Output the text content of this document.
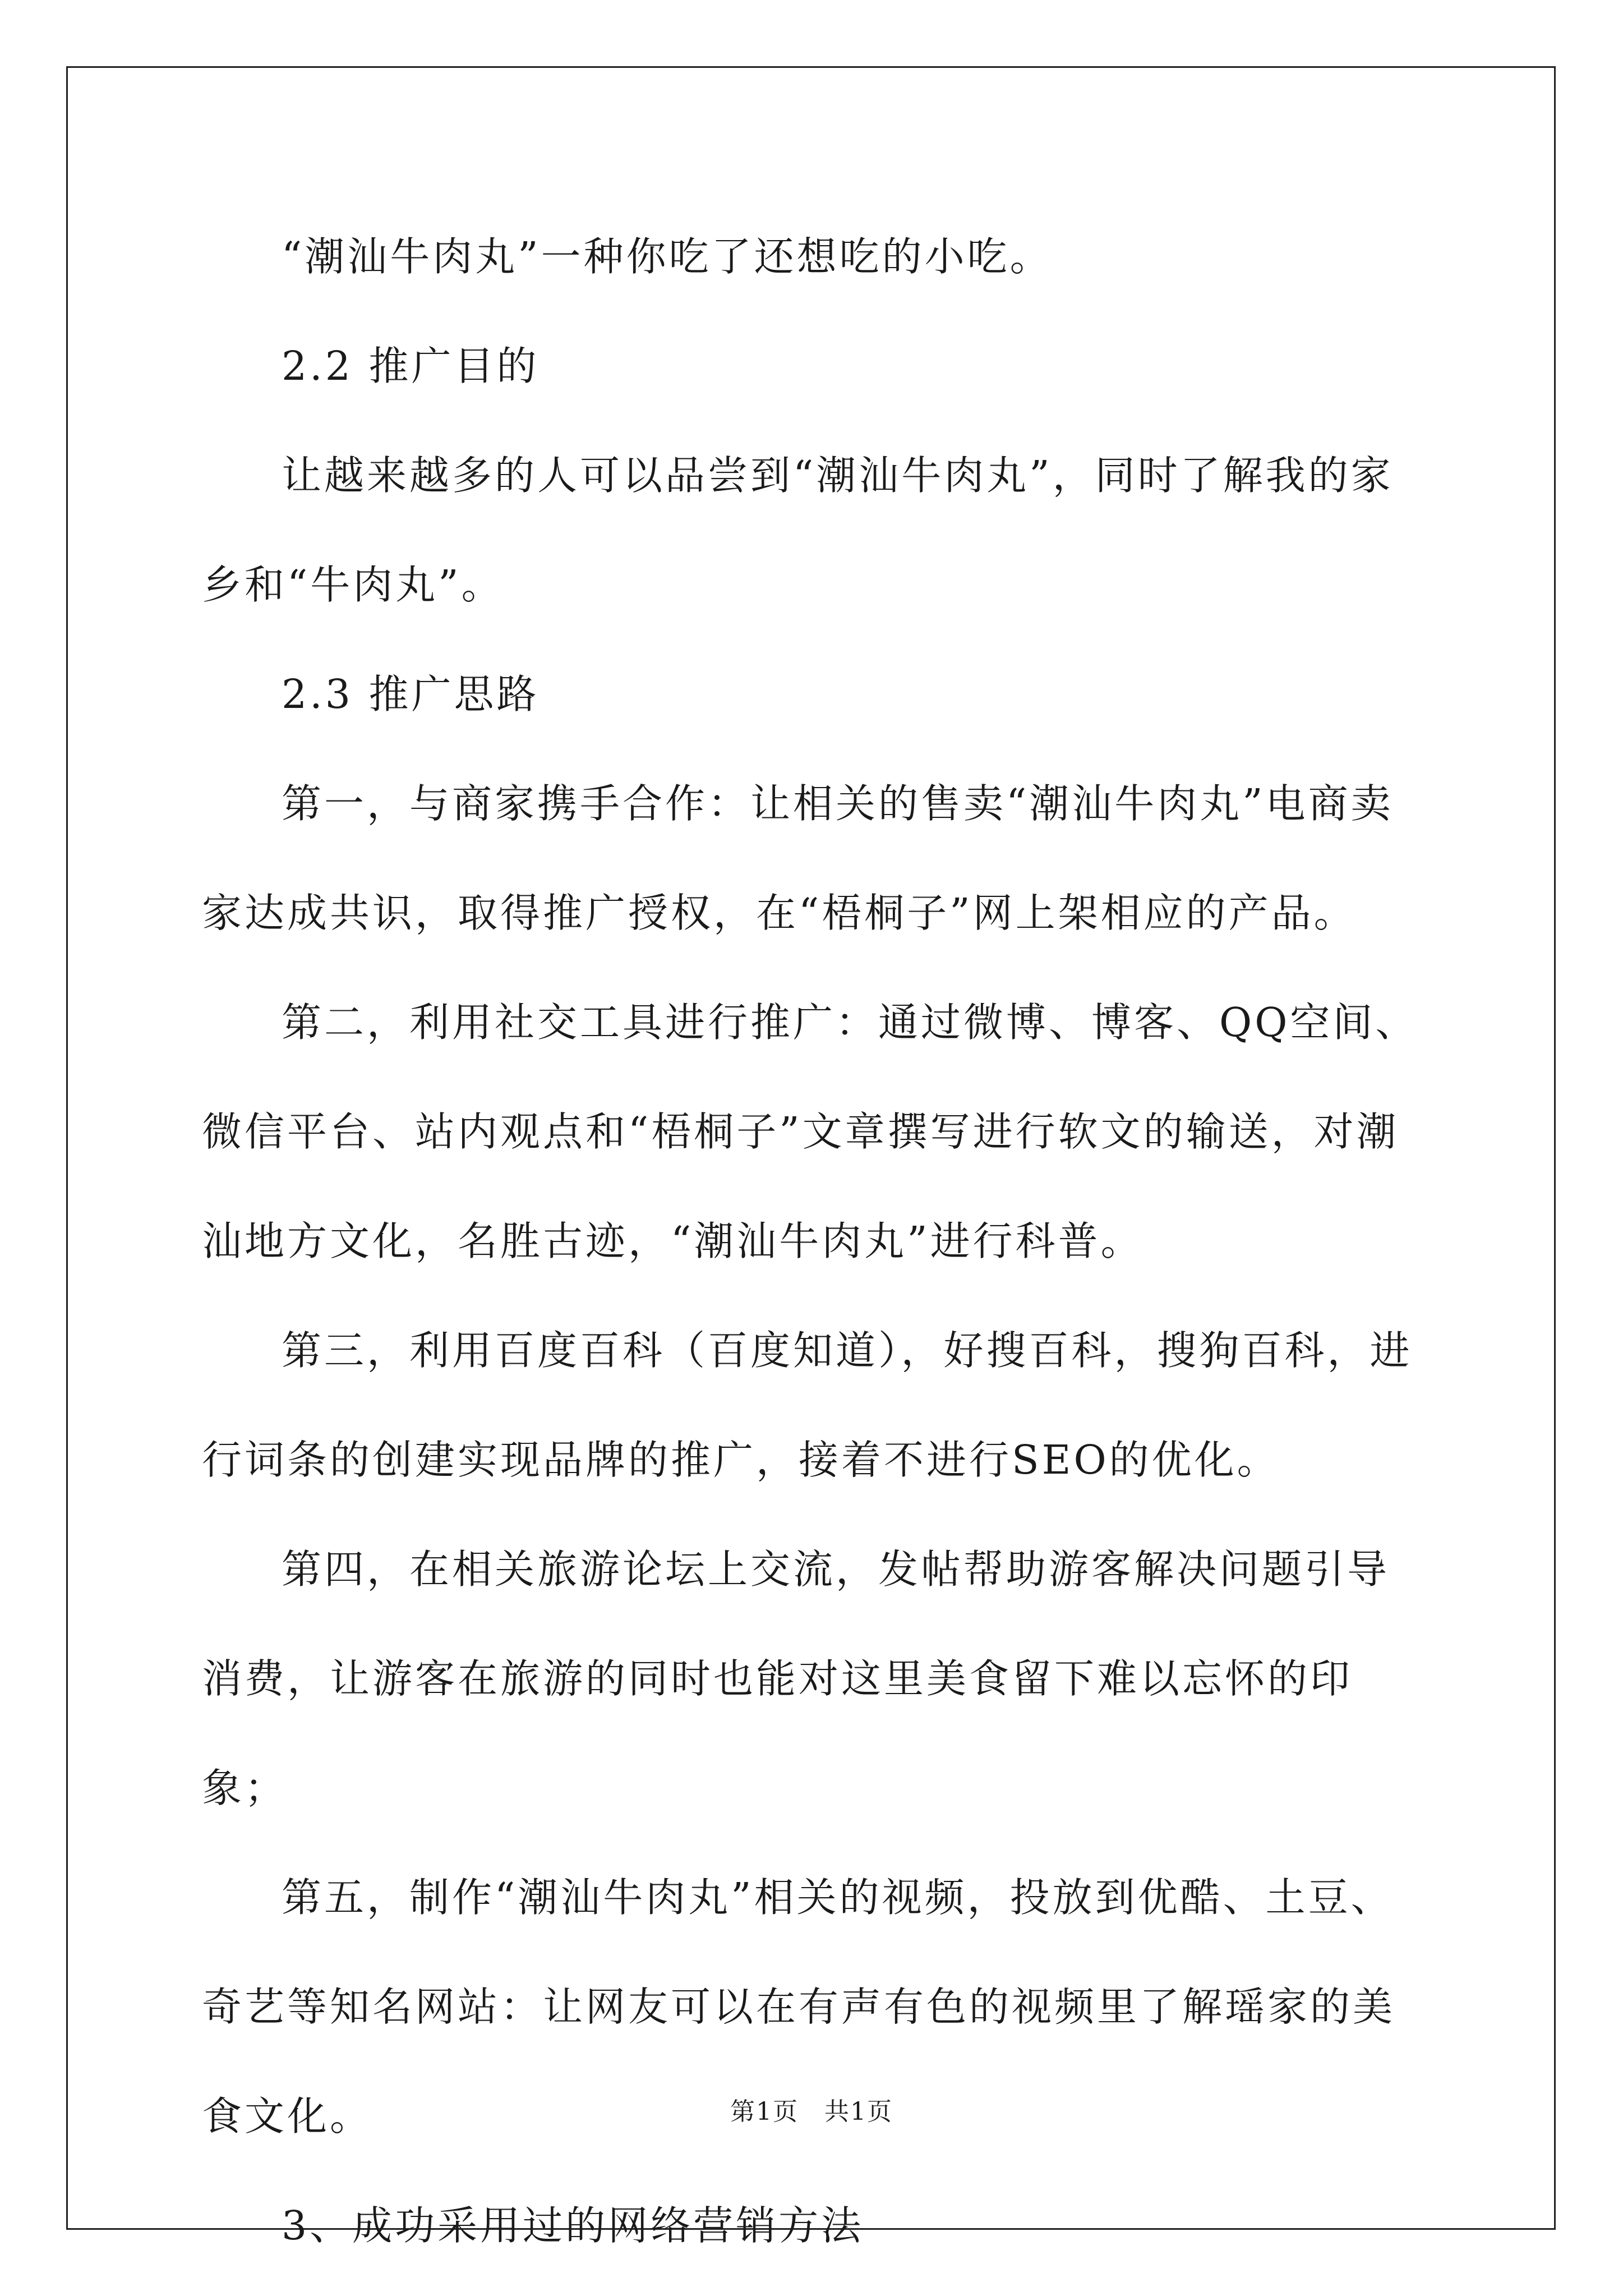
“潮汕牛肉丸”一种你吃了还想吃的小吃。

2.2 推广目的

让越来越多的人可以品尝到“潮汕牛肉丸”，同时了解我的家乡和“牛肉丸”。

2.3 推广思路

第一，与商家携手合作：让相关的售卖“潮汕牛肉丸”电商卖家达成共识，取得推广授权，在“梧桐子”网上架相应的产品。

第二，利用社交工具进行推广：通过微博、博客、QQ空间、微信平台、站内观点和“梧桐子”文章撰写进行软文的输送，对潮汕地方文化，名胜古迹，“潮汕牛肉丸”进行科普。

第三，利用百度百科（百度知道），好搜百科，搜狗百科，进行词条的创建实现品牌的推广，接着不进行SEO的优化。

第四，在相关旅游论坛上交流，发帖帮助游客解决问题引导消费，让游客在旅游的同时也能对这里美食留下难以忘怀的印象；

第五，制作“潮汕牛肉丸”相关的视频，投放到优酷、土豆、奇艺等知名网站：让网友可以在有声有色的视频里了解瑶家的美食文化。

3、成功采用过的网络营销方法

第1页　共1页
